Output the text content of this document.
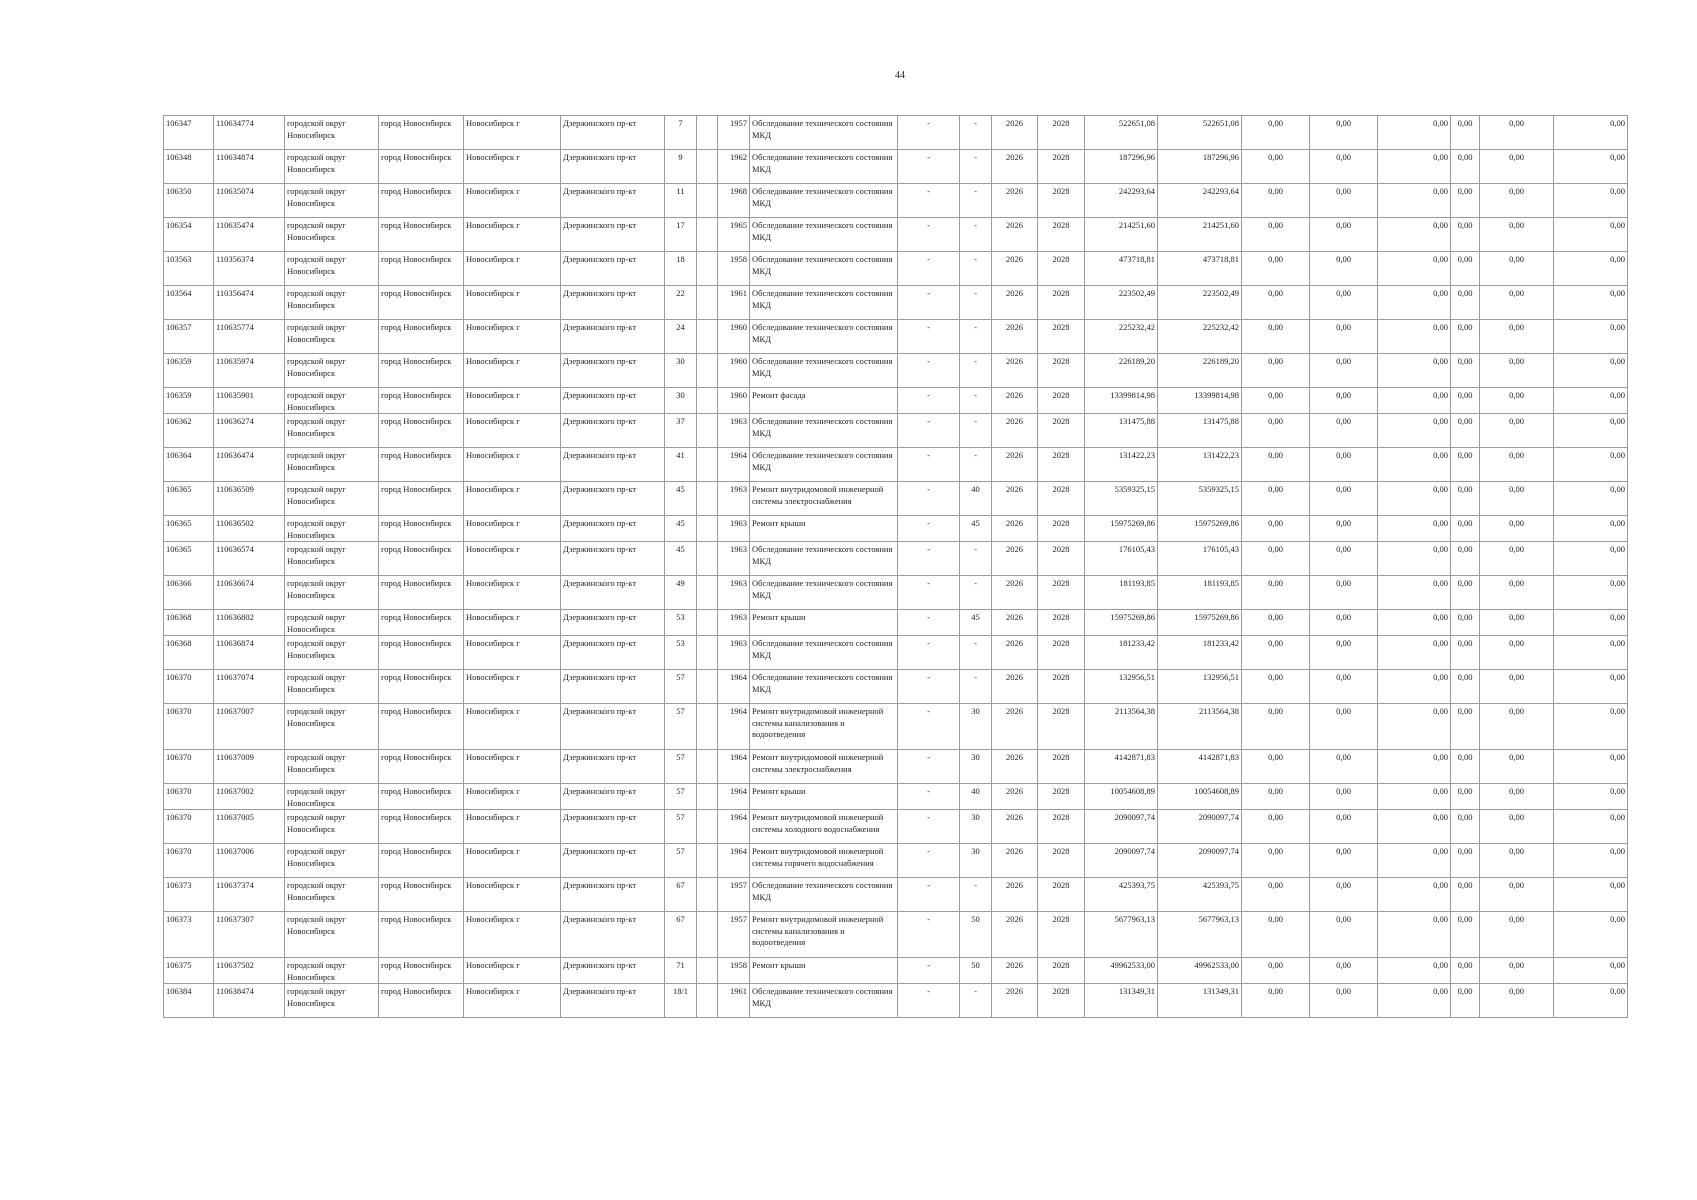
44
106347	110634774	городской округ Новосибирск	город Новосибирск	Новосибирск г	Дзержинского пр-кт	7		1957	Обследование технического состояния МКД	-	-	2026	2028	522651,08	522651,08	0,00	0,00	0,00	0,00	0,00	0,00
106348	110634874	городской округ Новосибирск	город Новосибирск	Новосибирск г	Дзержинского пр-кт	9		1962	Обследование технического состояния МКД	-	-	2026	2028	187296,96	187296,96	0,00	0,00	0,00	0,00	0,00	0,00
106350	110635074	городской округ Новосибирск	город Новосибирск	Новосибирск г	Дзержинского пр-кт	11		1968	Обследование технического состояния МКД	-	-	2026	2028	242293,64	242293,64	0,00	0,00	0,00	0,00	0,00	0,00
106354	110635474	городской округ Новосибирск	город Новосибирск	Новосибирск г	Дзержинского пр-кт	17		1965	Обследование технического состояния МКД	-	-	2026	2028	214251,60	214251,60	0,00	0,00	0,00	0,00	0,00	0,00
103563	110356374	городской округ Новосибирск	город Новосибирск	Новосибирск г	Дзержинского пр-кт	18		1958	Обследование технического состояния МКД	-	-	2026	2028	473718,81	473718,81	0,00	0,00	0,00	0,00	0,00	0,00
103564	110356474	городской округ Новосибирск	город Новосибирск	Новосибирск г	Дзержинского пр-кт	22		1961	Обследование технического состояния МКД	-	-	2026	2028	223502,49	223502,49	0,00	0,00	0,00	0,00	0,00	0,00
106357	110635774	городской округ Новосибирск	город Новосибирск	Новосибирск г	Дзержинского пр-кт	24		1960	Обследование технического состояния МКД	-	-	2026	2028	225232,42	225232,42	0,00	0,00	0,00	0,00	0,00	0,00
106359	110635974	городской округ Новосибирск	город Новосибирск	Новосибирск г	Дзержинского пр-кт	30		1960	Обследование технического состояния МКД	-	-	2026	2028	226189,20	226189,20	0,00	0,00	0,00	0,00	0,00	0,00
106359	110635901	городской округ Новосибирск	город Новосибирск	Новосибирск г	Дзержинского пр-кт	30		1960	Ремонт фасада	-	-	2026	2028	13399814,98	13399814,98	0,00	0,00	0,00	0,00	0,00	0,00
106362	110636274	городской округ Новосибирск	город Новосибирск	Новосибирск г	Дзержинского пр-кт	37		1963	Обследование технического состояния МКД	-	-	2026	2028	131475,88	131475,88	0,00	0,00	0,00	0,00	0,00	0,00
106364	110636474	городской округ Новосибирск	город Новосибирск	Новосибирск г	Дзержинского пр-кт	41		1964	Обследование технического состояния МКД	-	-	2026	2028	131422,23	131422,23	0,00	0,00	0,00	0,00	0,00	0,00
106365	110636509	городской округ Новосибирск	город Новосибирск	Новосибирск г	Дзержинского пр-кт	45		1963	Ремонт внутридомовой инженерной системы электроснабжения	-	40	2026	2028	5359325,15	5359325,15	0,00	0,00	0,00	0,00	0,00	0,00
106365	110636502	городской округ Новосибирск	город Новосибирск	Новосибирск г	Дзержинского пр-кт	45		1963	Ремонт крыши	-	45	2026	2028	15975269,86	15975269,86	0,00	0,00	0,00	0,00	0,00	0,00
106365	110636574	городской округ Новосибирск	город Новосибирск	Новосибирск г	Дзержинского пр-кт	45		1963	Обследование технического состояния МКД	-	-	2026	2028	176105,43	176105,43	0,00	0,00	0,00	0,00	0,00	0,00
106366	110636674	городской округ Новосибирск	город Новосибирск	Новосибирск г	Дзержинского пр-кт	49		1963	Обследование технического состояния МКД	-	-	2026	2028	181193,85	181193,85	0,00	0,00	0,00	0,00	0,00	0,00
106368	110636802	городской округ Новосибирск	город Новосибирск	Новосибирск г	Дзержинского пр-кт	53		1963	Ремонт крыши	-	45	2026	2028	15975269,86	15975269,86	0,00	0,00	0,00	0,00	0,00	0,00
106368	110636874	городской округ Новосибирск	город Новосибирск	Новосибирск г	Дзержинского пр-кт	53		1963	Обследование технического состояния МКД	-	-	2026	2028	181233,42	181233,42	0,00	0,00	0,00	0,00	0,00	0,00
106370	110637074	городской округ Новосибирск	город Новосибирск	Новосибирск г	Дзержинского пр-кт	57		1964	Обследование технического состояния МКД	-	-	2026	2028	132956,51	132956,51	0,00	0,00	0,00	0,00	0,00	0,00
106370	110637007	городской округ Новосибирск	город Новосибирск	Новосибирск г	Дзержинского пр-кт	57		1964	Ремонт внутридомовой инженерной системы канализования и водоотведения	-	30	2026	2028	2113564,38	2113564,38	0,00	0,00	0,00	0,00	0,00	0,00
106370	110637009	городской округ Новосибирск	город Новосибирск	Новосибирск г	Дзержинского пр-кт	57		1964	Ремонт внутридомовой инженерной системы электроснабжения	-	30	2026	2028	4142871,83	4142871,83	0,00	0,00	0,00	0,00	0,00	0,00
106370	110637002	городской округ Новосибирск	город Новосибирск	Новосибирск г	Дзержинского пр-кт	57		1964	Ремонт крыши	-	40	2026	2028	10054608,89	10054608,89	0,00	0,00	0,00	0,00	0,00	0,00
106370	110637005	городской округ Новосибирск	город Новосибирск	Новосибирск г	Дзержинского пр-кт	57		1964	Ремонт внутридомовой инженерной системы холодного водоснабжения	-	30	2026	2028	2090097,74	2090097,74	0,00	0,00	0,00	0,00	0,00	0,00
106370	110637006	городской округ Новосибирск	город Новосибирск	Новосибирск г	Дзержинского пр-кт	57		1964	Ремонт внутридомовой инженерной системы горячего водоснабжения	-	30	2026	2028	2090097,74	2090097,74	0,00	0,00	0,00	0,00	0,00	0,00
106373	110637374	городской округ Новосибирск	город Новосибирск	Новосибирск г	Дзержинского пр-кт	67		1957	Обследование технического состояния МКД	-	-	2026	2028	425393,75	425393,75	0,00	0,00	0,00	0,00	0,00	0,00
106373	110637307	городской округ Новосибирск	город Новосибирск	Новосибирск г	Дзержинского пр-кт	67		1957	Ремонт внутридомовой инженерной системы канализования и водоотведения	-	50	2026	2028	5677963,13	5677963,13	0,00	0,00	0,00	0,00	0,00	0,00
106375	110637502	городской округ Новосибирск	город Новосибирск	Новосибирск г	Дзержинского пр-кт	71		1958	Ремонт крыши	-	50	2026	2028	49962533,00	49962533,00	0,00	0,00	0,00	0,00	0,00	0,00
106384	110638474	городской округ Новосибирск	город Новосибирск	Новосибирск г	Дзержинского пр-кт	18/1		1961	Обследование технического состояния МКД	-	-	2026	2028	131349,31	131349,31	0,00	0,00	0,00	0,00	0,00	0,00
